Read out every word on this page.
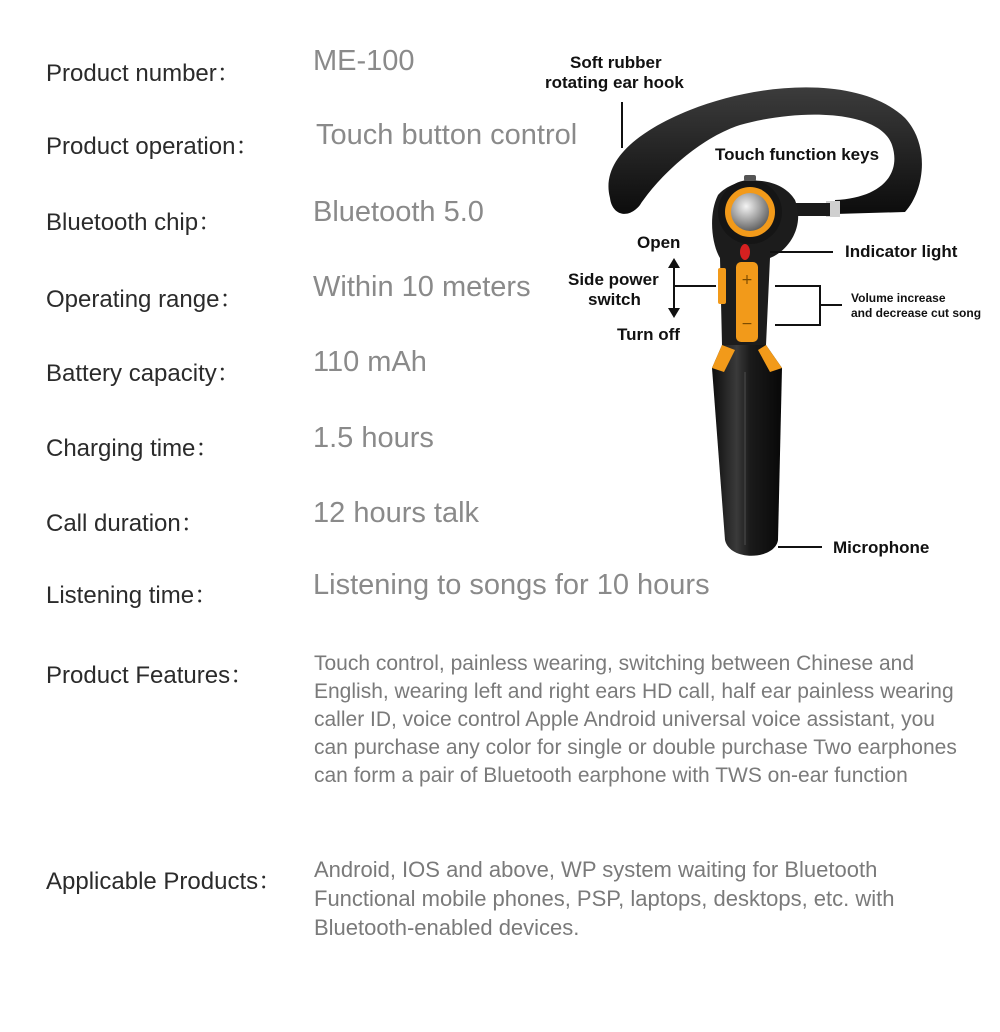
Product number： ME-100
Product operation： Touch button control
Bluetooth chip：	Bluetooth 5.0
Operating range： Within 10 meters
Battery capacity： 110 mAh
Charging time：	1.5 hours
Call duration：	12 hours talk
Listening time：	Listening to songs for 10 hours
Product Features：	Touch control, painless wearing, switching between Chinese and
English, wearing left and right ears HD call, half ear painless wearing
caller ID, voice control Apple Android universal voice assistant, you
can purchase any color for single or double purchase Two earphones
can form a pair of Bluetooth earphone with TWS on-ear function
Applicable Products： Android, IOS and above, WP system waiting for Bluetooth
Functional mobile phones, PSP, laptops, desktops, etc. with
Bluetooth-enabled devices.
+
−
Soft rubber
rotating ear hook
Touch function keys
Open	Indicator light
Side power
switch	Volume increase
and decrease cut song
Turn off
Microphone
